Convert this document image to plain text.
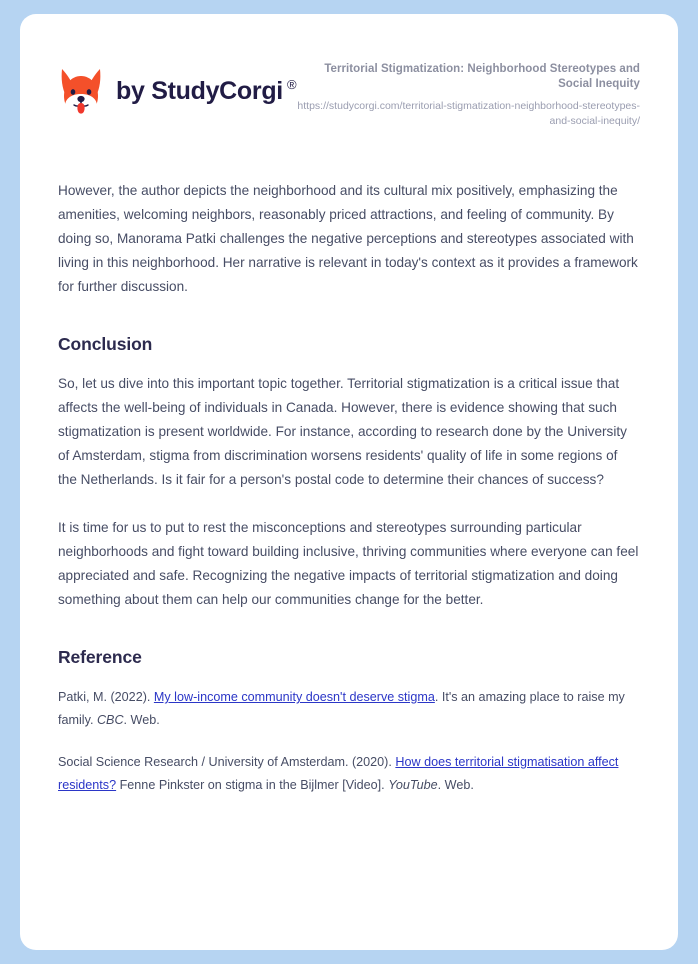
by StudyCorgi ®
Territorial Stigmatization: Neighborhood Stereotypes and Social Inequity
https://studycorgi.com/territorial-stigmatization-neighborhood-stereotypes-and-social-inequity/

However, the author depicts the neighborhood and its cultural mix positively, emphasizing the amenities, welcoming neighbors, reasonably priced attractions, and feeling of community. By doing so, Manorama Patki challenges the negative perceptions and stereotypes associated with living in this neighborhood. Her narrative is relevant in today's context as it provides a framework for further discussion.

Conclusion

So, let us dive into this important topic together. Territorial stigmatization is a critical issue that affects the well-being of individuals in Canada. However, there is evidence showing that such stigmatization is present worldwide. For instance, according to research done by the University of Amsterdam, stigma from discrimination worsens residents' quality of life in some regions of the Netherlands. Is it fair for a person's postal code to determine their chances of success?

It is time for us to put to rest the misconceptions and stereotypes surrounding particular neighborhoods and fight toward building inclusive, thriving communities where everyone can feel appreciated and safe. Recognizing the negative impacts of territorial stigmatization and doing something about them can help our communities change for the better.

Reference

Patki, M. (2022). My low-income community doesn't deserve stigma. It's an amazing place to raise my family. CBC. Web.

Social Science Research / University of Amsterdam. (2020). How does territorial stigmatisation affect residents? Fenne Pinkster on stigma in the Bijlmer [Video]. YouTube. Web.
